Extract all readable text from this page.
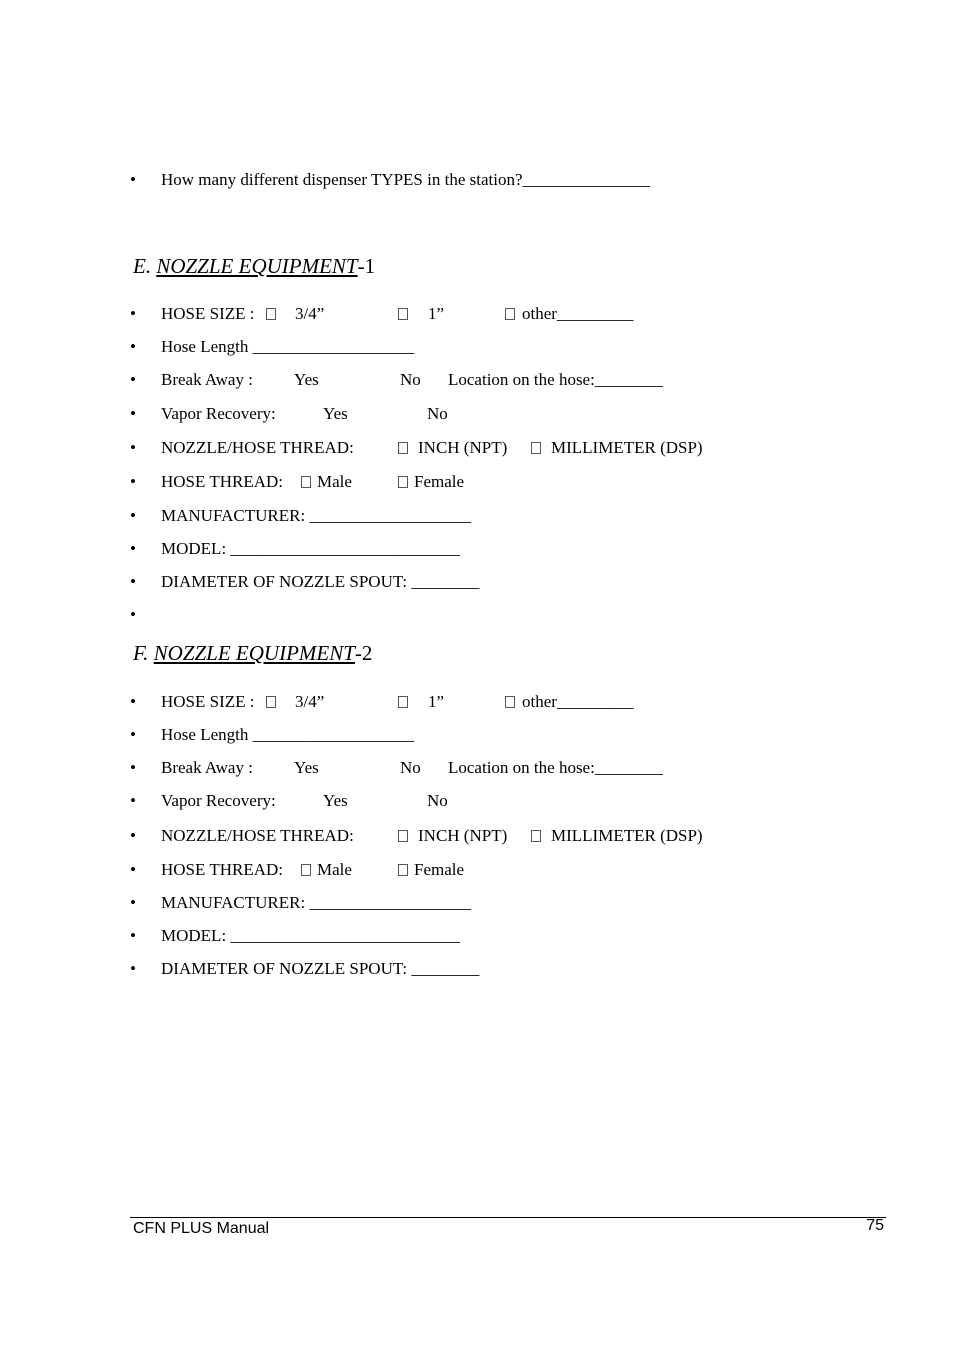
•	How many different dispenser TYPES in the station?_______________
E. NOZZLE EQUIPMENT-1
•	HOSE SIZE : 3/4”	1”	other_________
•	Hose Length ___________________
•	Break Away : Yes	No Location on the hose:________
•	Vapor Recovery:	Yes	No
•	NOZZLE/HOSE THREAD:	INCH (NPT)	MILLIMETER (DSP)
•	HOSE THREAD: Male	Female
•	MANUFACTURER: ___________________
•	MODEL: ___________________________
•	DIAMETER OF NOZZLE SPOUT: ________
•
F. NOZZLE EQUIPMENT-2
•	HOSE SIZE : 3/4”	1”	other_________
•	Hose Length ___________________
•	Break Away : Yes	No Location on the hose:________
•	Vapor Recovery:	Yes	No
•	NOZZLE/HOSE THREAD:	INCH (NPT)	MILLIMETER (DSP)
•	HOSE THREAD: Male	Female
•	MANUFACTURER: ___________________
•	MODEL: ___________________________
•	DIAMETER OF NOZZLE SPOUT: ________
CFN PLUS Manual	75
